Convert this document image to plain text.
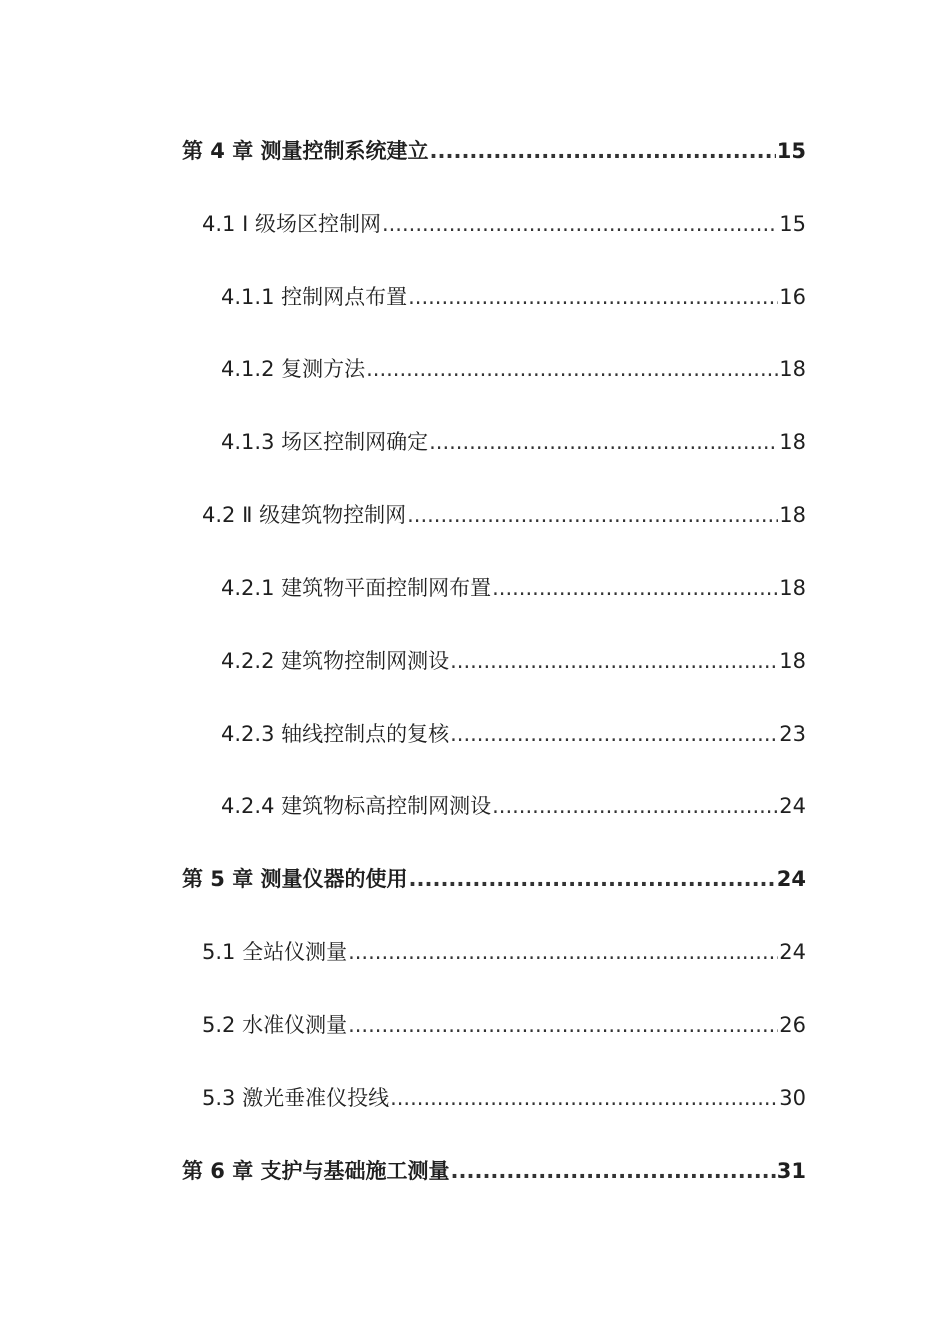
第 4 章 测量控制系统建立 .....	15
4.1 Ⅰ 级场区控制网 .....	15
4.1.1 控制网点布置 .....	16
4.1.2 复测方法 .....	18
4.1.3 场区控制网确定 .....	18
4.2 Ⅱ 级建筑物控制网 .....	18
4.2.1 建筑物平面控制网布置 .....	18
4.2.2 建筑物控制网测设 .....	18
4.2.3 轴线控制点的复核 .....	23
4.2.4 建筑物标高控制网测设 .....	24
第 5 章 测量仪器的使用 .....	24
5.1 全站仪测量 .....	24
5.2 水准仪测量 .....	26
5.3 激光垂准仪投线 .....	30
第 6 章 支护与基础施工测量 .....	31
